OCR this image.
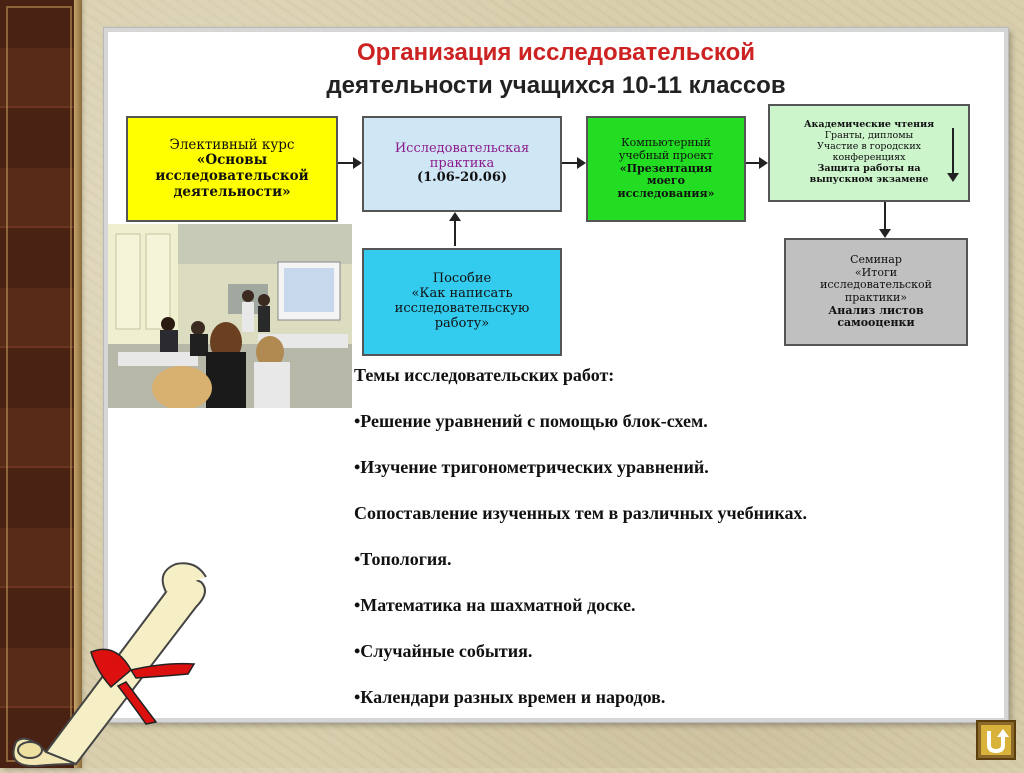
Организация исследовательской
деятельности учащихся 10-11 классов
Элективный курс
«Основы
исследовательской
деятельности»
Исследовательская
практика
(1.06-20.06)
Компьютерный
учебный проект
«Презентация
моего
исследования»
Академические чтения
Гранты, дипломы
Участие в городских
конференциях
Защита работы на
выпускном экзамене
Пособие
«Как написать
исследовательскую
работу»
Семинар
«Итоги
исследовательской
практики»
Анализ листов
самооценки
Темы исследовательских работ:
•Решение уравнений с помощью блок-схем.
•Изучение тригонометрических уравнений.
Сопоставление изученных тем в различных учебниках.
•Топология.
•Математика на шахматной доске.
•Случайные события.
•Календари разных времен и народов.
